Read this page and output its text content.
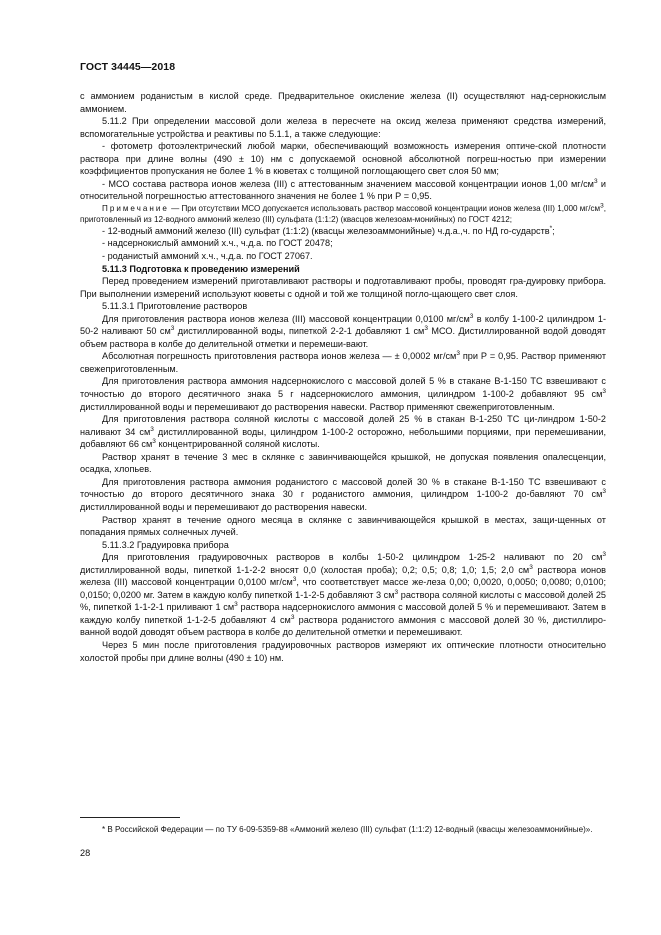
ГОСТ 34445—2018

с аммонием роданистым в кислой среде. Предварительное окисление железа (II) осуществляют над-сернокислым аммонием.

5.11.2 При определении массовой доли железа в пересчете на оксид железа применяют средства измерений, вспомогательные устройства и реактивы по 5.1.1, а также следующие:

- фотометр фотоэлектрический любой марки, обеспечивающий возможность измерения оптиче-ской плотности раствора при длине волны (490 ± 10) нм с допускаемой основной абсолютной погреш-ностью при измерении коэффициентов пропускания не более 1 % в кюветах с толщиной поглощающего свет слоя 50 мм;

- МСО состава раствора ионов железа (III) с аттестованным значением массовой концентрации ионов 1,00 $мг/см^3$ и относительной погрешностью аттестованного значения не более 1 % при Р = 0,95.

Примечание — При отсутствии МСО допускается использовать раствор массовой концентрации ионов железа (III) 1,000 $мг/см^3$, приготовленный из 12-водного аммоний железо (III) сульфата (1:1:2) (квасцов железоам-монийных) по ГОСТ 4212;

- 12-водный аммоний железо (III) сульфат (1:1:2) (квасцы железоаммонийные) ч.д.а.,ч. по НД го-сударств*;

- надсернокислый аммоний х.ч., ч.д.а. по ГОСТ 20478;

- роданистый аммоний х.ч., ч.д.а. по ГОСТ 27067.

5.11.3 Подготовка к проведению измерений

Перед проведением измерений приготавливают растворы и подготавливают пробы, проводят гра-дуировку прибора. При выполнении измерений используют кюветы с одной и той же толщиной погло-щающего свет слоя.

5.11.3.1 Приготовление растворов

Для приготовления раствора ионов железа (III) массовой концентрации 0,0100 $мг/см^3$ в колбу 1-100-2 цилиндром 1-50-2 наливают 50 $см^3$ дистиллированной воды, пипеткой 2-2-1 добавляют 1 $см^3$ МСО. Дистиллированной водой доводят объем раствора в колбе до делительной отметки и перемеши-вают.

Абсолютная погрешность приготовления раствора ионов железа — ± 0,0002 $мг/см^3$ при Р = 0,95. Раствор применяют свежеприготовленным.

Для приготовления раствора аммония надсернокислого с массовой долей 5 % в стакане В-1-150 ТС взвешивают с точностью до второго десятичного знака 5 г надсернокислого аммония, цилиндром 1-100-2 добавляют 95 $см^3$ дистиллированной воды и перемешивают до растворения навески. Раствор применяют свежеприготовленным.

Для приготовления раствора соляной кислоты с массовой долей 25 % в стакан В-1-250 ТС ци-линдром 1-50-2 наливают 34 $см^3$ дистиллированной воды, цилиндром 1-100-2 осторожно, небольшими порциями, при перемешивании, добавляют 66 $см^3$ концентрированной соляной кислоты.

Раствор хранят в течение 3 мес в склянке с завинчивающейся крышкой, не допуская появления опалесценции, осадка, хлопьев.

Для приготовления раствора аммония роданистого с массовой долей 30 % в стакане В-1-150 ТС взвешивают с точностью до второго десятичного знака 30 г роданистого аммония, цилиндром 1-100-2 до-бавляют 70 $см^3$ дистиллированной воды и перемешивают до растворения навески.

Раствор хранят в течение одного месяца в склянке с завинчивающейся крышкой в местах, защи-щенных от попадания прямых солнечных лучей.

5.11.3.2 Градуировка прибора

Для приготовления градуировочных растворов в колбы 1-50-2 цилиндром 1-25-2 наливают по 20 $см^3$ дистиллированной воды, пипеткой 1-1-2-2 вносят 0,0 (холостая проба); 0,2; 0,5; 0,8; 1,0; 1,5; 2,0 $см^3$ раствора ионов железа (III) массовой концентрации 0,0100 $мг/см^3$, что соответствует массе же-леза 0,00; 0,0020, 0,0050; 0,0080; 0,0100; 0,0150; 0,0200 мг. Затем в каждую колбу пипеткой 1-1-2-5 добавляют 3 $см^3$ раствора соляной кислоты с массовой долей 25 %, пипеткой 1-1-2-1 приливают 1 $см^3$ раствора надсернокислого аммония с массовой долей 5 % и перемешивают. Затем в каждую колбу пипеткой 1-1-2-5 добавляют 4 $см^3$ раствора роданистого аммония с массовой долей 30 %, дистиллиро-ванной водой доводят объем раствора в колбе до делительной отметки и перемешивают.

Через 5 мин после приготовления градуировочных растворов измеряют их оптические плотности относительно холостой пробы при длине волны (490 ± 10) нм.

* В Российской Федерации — по ТУ 6-09-5359-88 «Аммоний железо (III) сульфат (1:1:2) 12-водный (квасцы железоаммонийные)».
28
